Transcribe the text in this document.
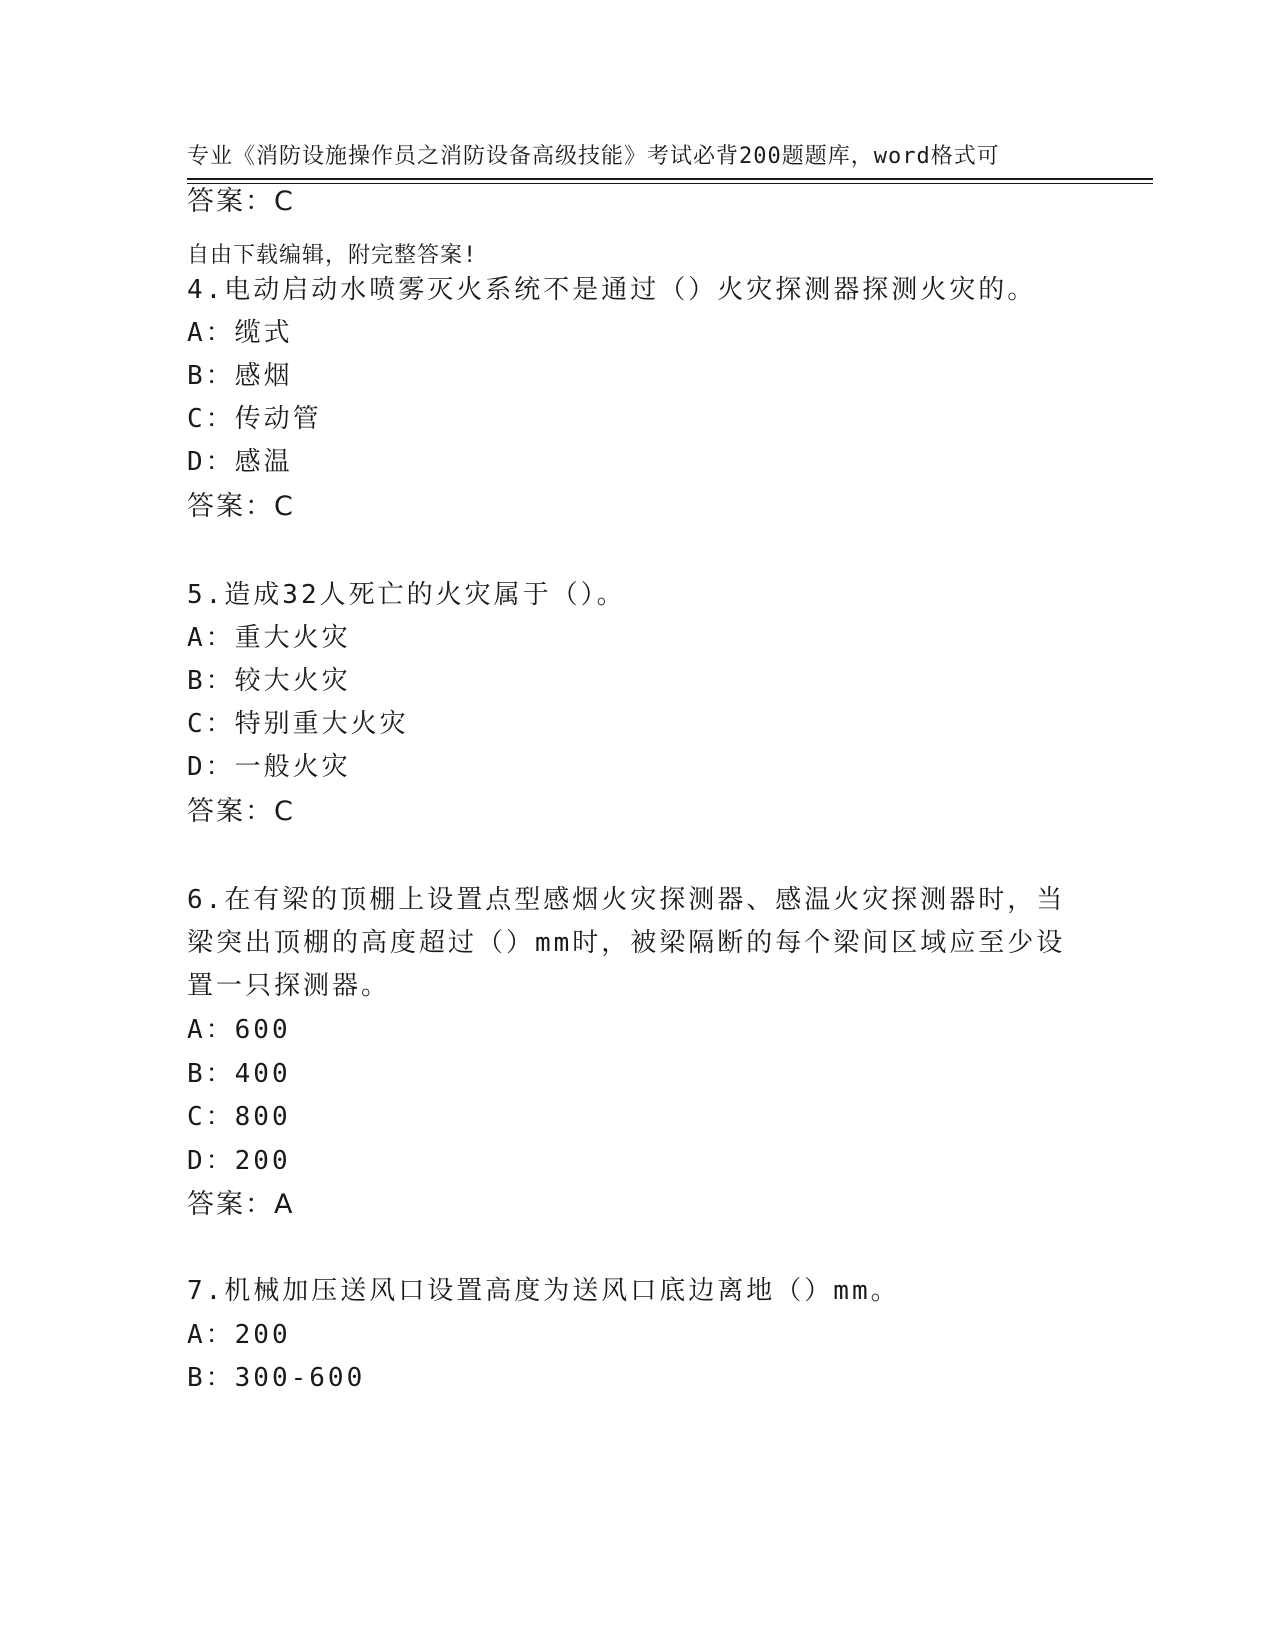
专业《消防设施操作员之消防设备高级技能》考试必背200题题库，word格式可

自由下载编辑，附完整答案!

答案：C
4.电动启动水喷雾灭火系统不是通过（）火灾探测器探测火灾的。
A：缆式
B：感烟
C：传动管
D：感温
答案：C
5.造成32人死亡的火灾属于（）。
A：重大火灾
B：较大火灾
C：特别重大火灾
D：一般火灾
答案：C
6.在有梁的顶棚上设置点型感烟火灾探测器、感温火灾探测器时，当
梁突出顶棚的高度超过（）mm时，被梁隔断的每个梁间区域应至少设
置一只探测器。
A：600
B：400
C：800
D：200
答案：A
7.机械加压送风口设置高度为送风口底边离地（）mm。
A：200
B：300-600
